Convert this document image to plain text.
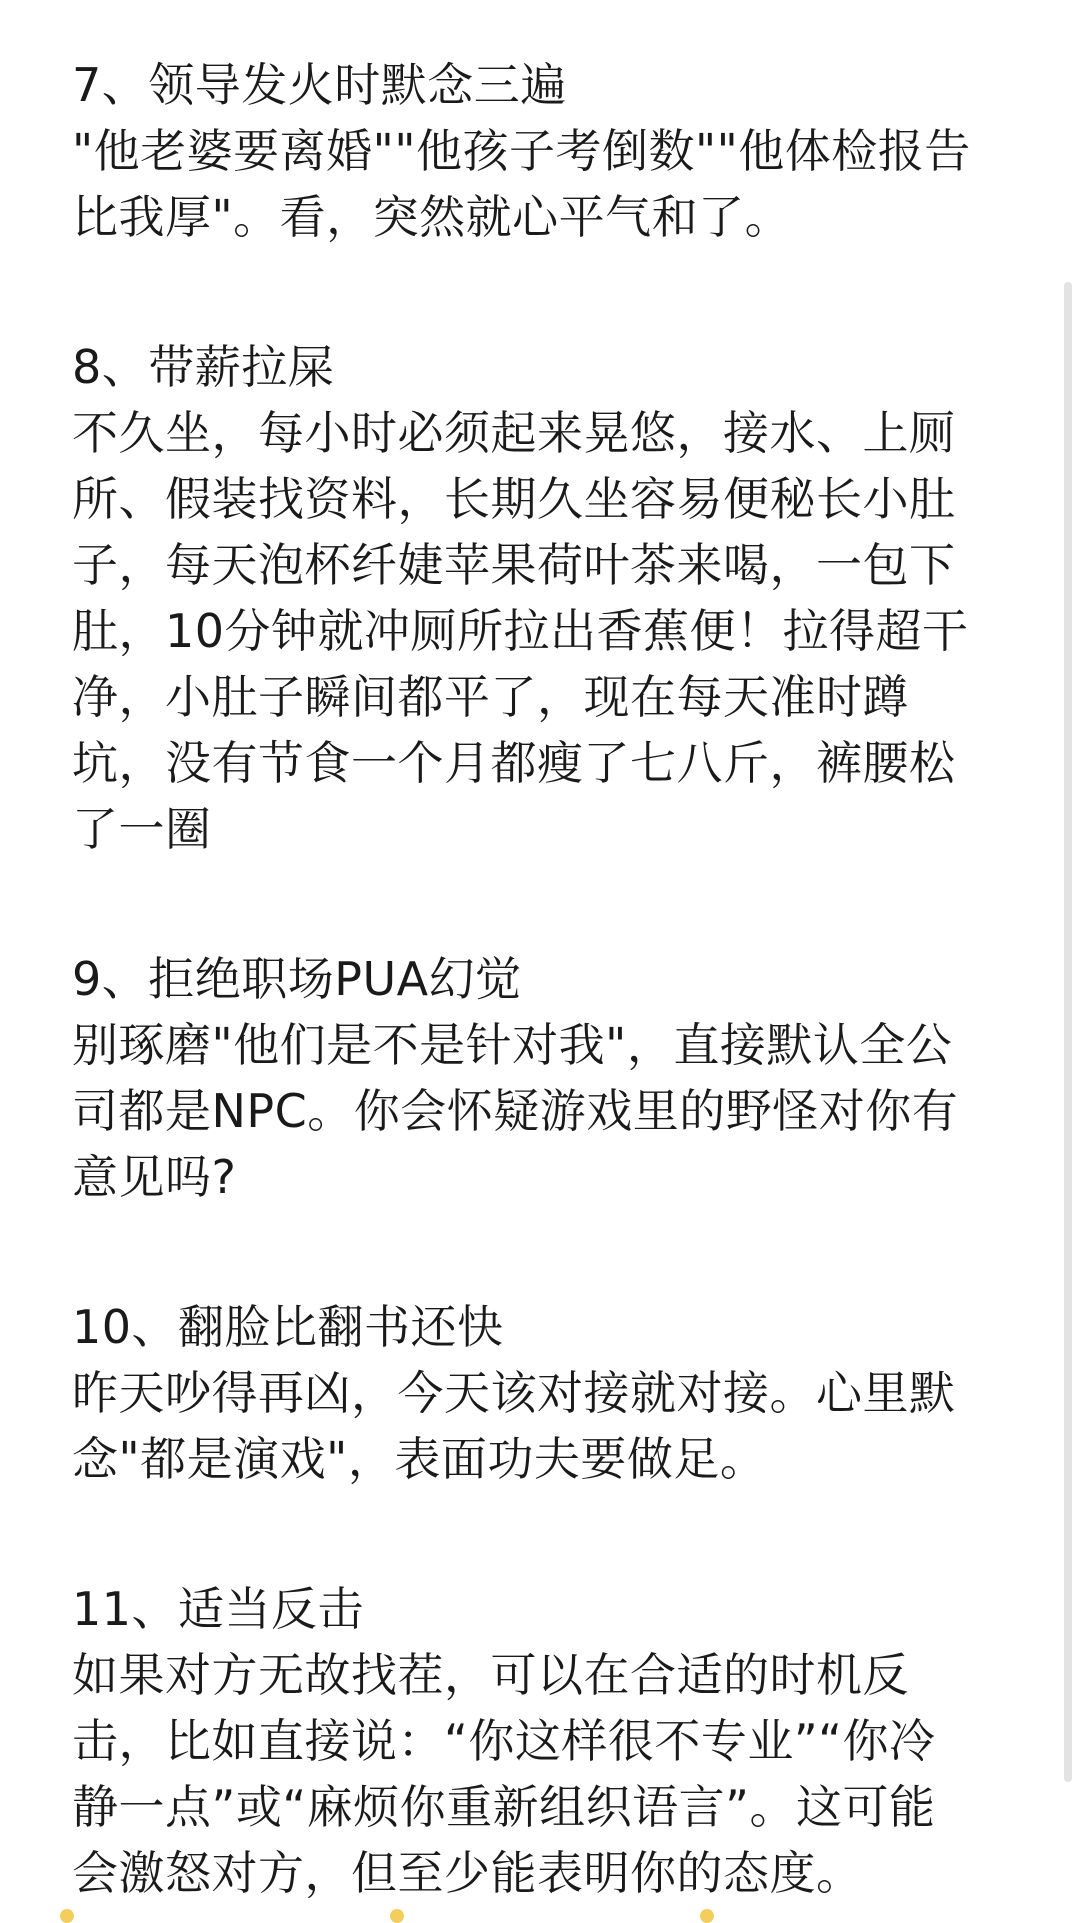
7、领导发火时默念三遍

"他老婆要离婚""他孩子考倒数""他体检报告

比我厚"。看，突然就心平气和了。

8、带薪拉屎

不久坐，每小时必须起来晃悠，接水、上厕

所、假装找资料，长期久坐容易便秘长小肚

子，每天泡杯纤婕苹果荷叶茶来喝，一包下

肚，10分钟就冲厕所拉出香蕉便！拉得超干

净，小肚子瞬间都平了，现在每天准时蹲

坑，没有节食一个月都瘦了七八斤，裤腰松

了一圈

9、拒绝职场PUA幻觉

别琢磨"他们是不是针对我"，直接默认全公

司都是NPC。你会怀疑游戏里的野怪对你有

意见吗?

10、翻脸比翻书还快

昨天吵得再凶，今天该对接就对接。心里默

念"都是演戏"，表面功夫要做足。

11、适当反击

如果对方无故找茬，可以在合适的时机反

击，比如直接说：“你这样很不专业”“你冷

静一点”或“麻烦你重新组织语言”。这可能

会激怒对方，但至少能表明你的态度。
